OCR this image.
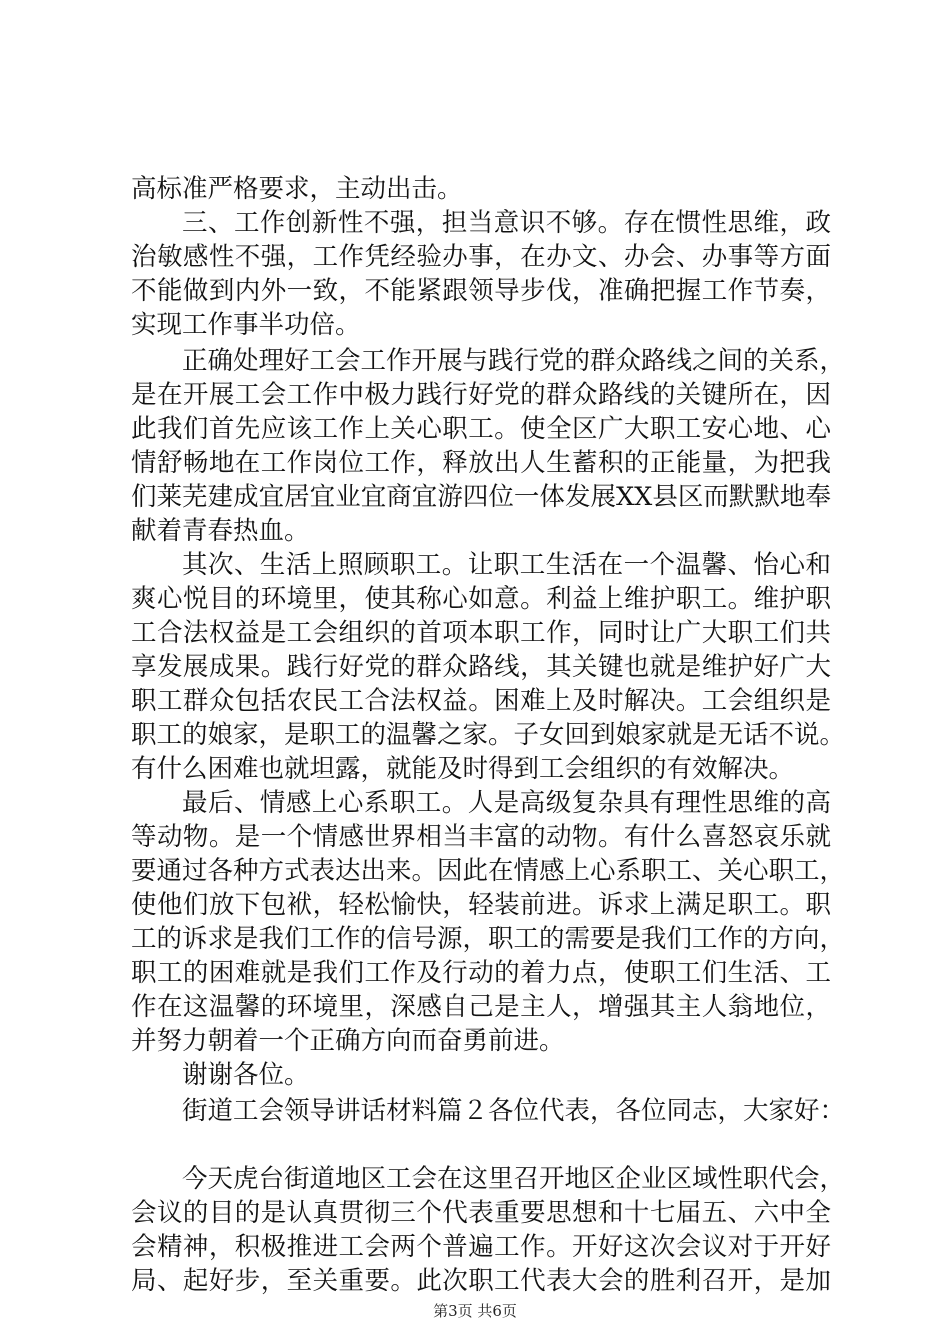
高标准严格要求，主动出击。
三、工作创新性不强，担当意识不够。存在惯性思维，政
治敏感性不强，工作凭经验办事，在办文、办会、办事等方面
不能做到内外一致，不能紧跟领导步伐，准确把握工作节奏，
实现工作事半功倍。
正确处理好工会工作开展与践行党的群众路线之间的关系，
是在开展工会工作中极力践行好党的群众路线的关键所在，因
此我们首先应该工作上关心职工。使全区广大职工安心地、心
情舒畅地在工作岗位工作，释放出人生蓄积的正能量，为把我
们莱芜建成宜居宜业宜商宜游四位一体发展XX县区而默默地奉
献着青春热血。
其次、生活上照顾职工。让职工生活在一个温馨、怡心和
爽心悦目的环境里，使其称心如意。利益上维护职工。维护职
工合法权益是工会组织的首项本职工作，同时让广大职工们共
享发展成果。践行好党的群众路线，其关键也就是维护好广大
职工群众包括农民工合法权益。困难上及时解决。工会组织是
职工的娘家，是职工的温馨之家。子女回到娘家就是无话不说。
有什么困难也就坦露，就能及时得到工会组织的有效解决。
最后、情感上心系职工。人是高级复杂具有理性思维的高
等动物。是一个情感世界相当丰富的动物。有什么喜怒哀乐就
要通过各种方式表达出来。因此在情感上心系职工、关心职工，
使他们放下包袱，轻松愉快，轻装前进。诉求上满足职工。职
工的诉求是我们工作的信号源，职工的需要是我们工作的方向，
职工的困难就是我们工作及行动的着力点，使职工们生活、工
作在这温馨的环境里，深感自己是主人，增强其主人翁地位，
并努力朝着一个正确方向而奋勇前进。
谢谢各位。
街道工会领导讲话材料篇２各位代表，各位同志，大家好：
今天虎台街道地区工会在这里召开地区企业区域性职代会，
会议的目的是认真贯彻三个代表重要思想和十七届五、六中全
会精神，积极推进工会两个普遍工作。开好这次会议对于开好
局、起好步，至关重要。此次职工代表大会的胜利召开，是加
第3页 共6页
